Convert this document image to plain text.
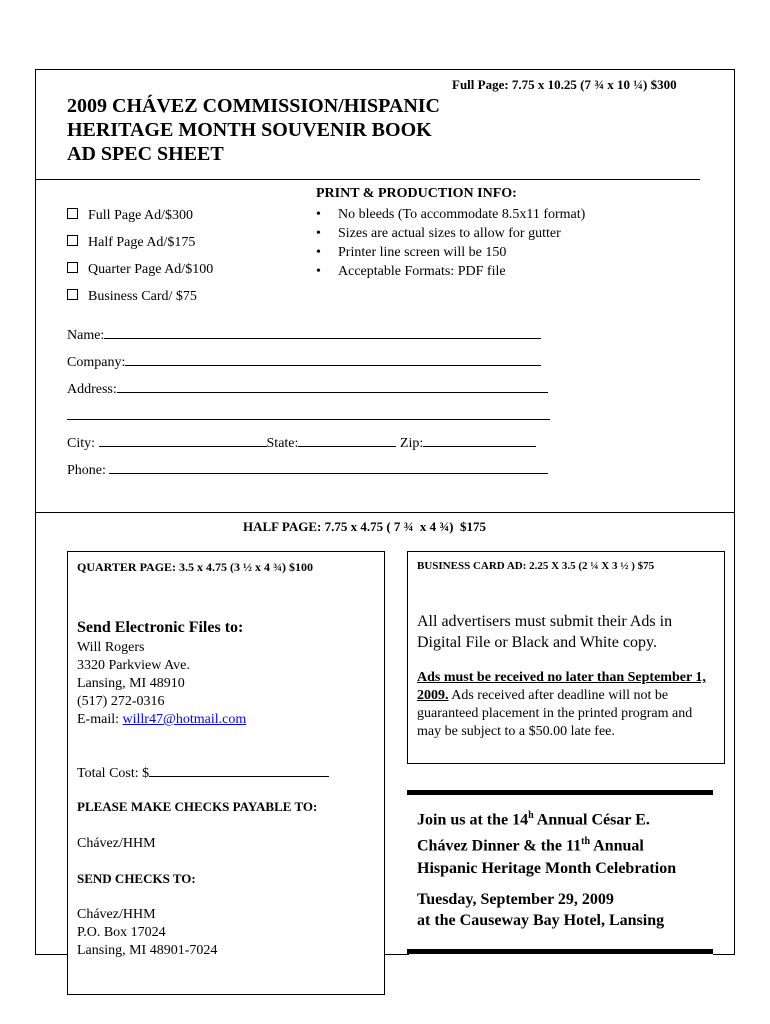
Full Page: 7.75 x 10.25 (7 ¾ x 10 ¼) $300
2009 CHÁVEZ COMMISSION/HISPANIC
HERITAGE MONTH SOUVENIR BOOK
AD SPEC SHEET
Full Page Ad/$300
Half Page Ad/$175
Quarter Page Ad/$100
Business Card/ $75
PRINT & PRODUCTION INFO:
• No bleeds (To accommodate 8.5x11 format)
• Sizes are actual sizes to allow for gutter
• Printer line screen will be 150
• Acceptable Formats: PDF file
Name:
Company:
Address:
City:	State:	Zip:
Phone:
HALF PAGE: 7.75 x 4.75 ( 7 ¾  x 4 ¾)  $175
QUARTER PAGE: 3.5 x 4.75 (3 ½ x 4 ¾) $100
Send Electronic Files to:
Will Rogers
3320 Parkview Ave.
Lansing, MI 48910
(517) 272-0316
E-mail: willr47@hotmail.com
Total Cost: $
PLEASE MAKE CHECKS PAYABLE TO:
Chávez/HHM
SEND CHECKS TO:
Chávez/HHM
P.O. Box 17024
Lansing, MI 48901-7024
BUSINESS CARD AD: 2.25 X 3.5 (2 ¼ X 3 ½ ) $75
All advertisers must submit their Ads in
Digital File or Black and White copy.
Ads must be received no later than September 1, 2009. Ads received after deadline will not be guaranteed placement in the printed program and may be subject to a $50.00 late fee.
Join us at the 14$^h$ Annual César E.
Chávez Dinner & the 11th Annual
Hispanic Heritage Month Celebration
Tuesday, September 29, 2009
at the Causeway Bay Hotel, Lansing
